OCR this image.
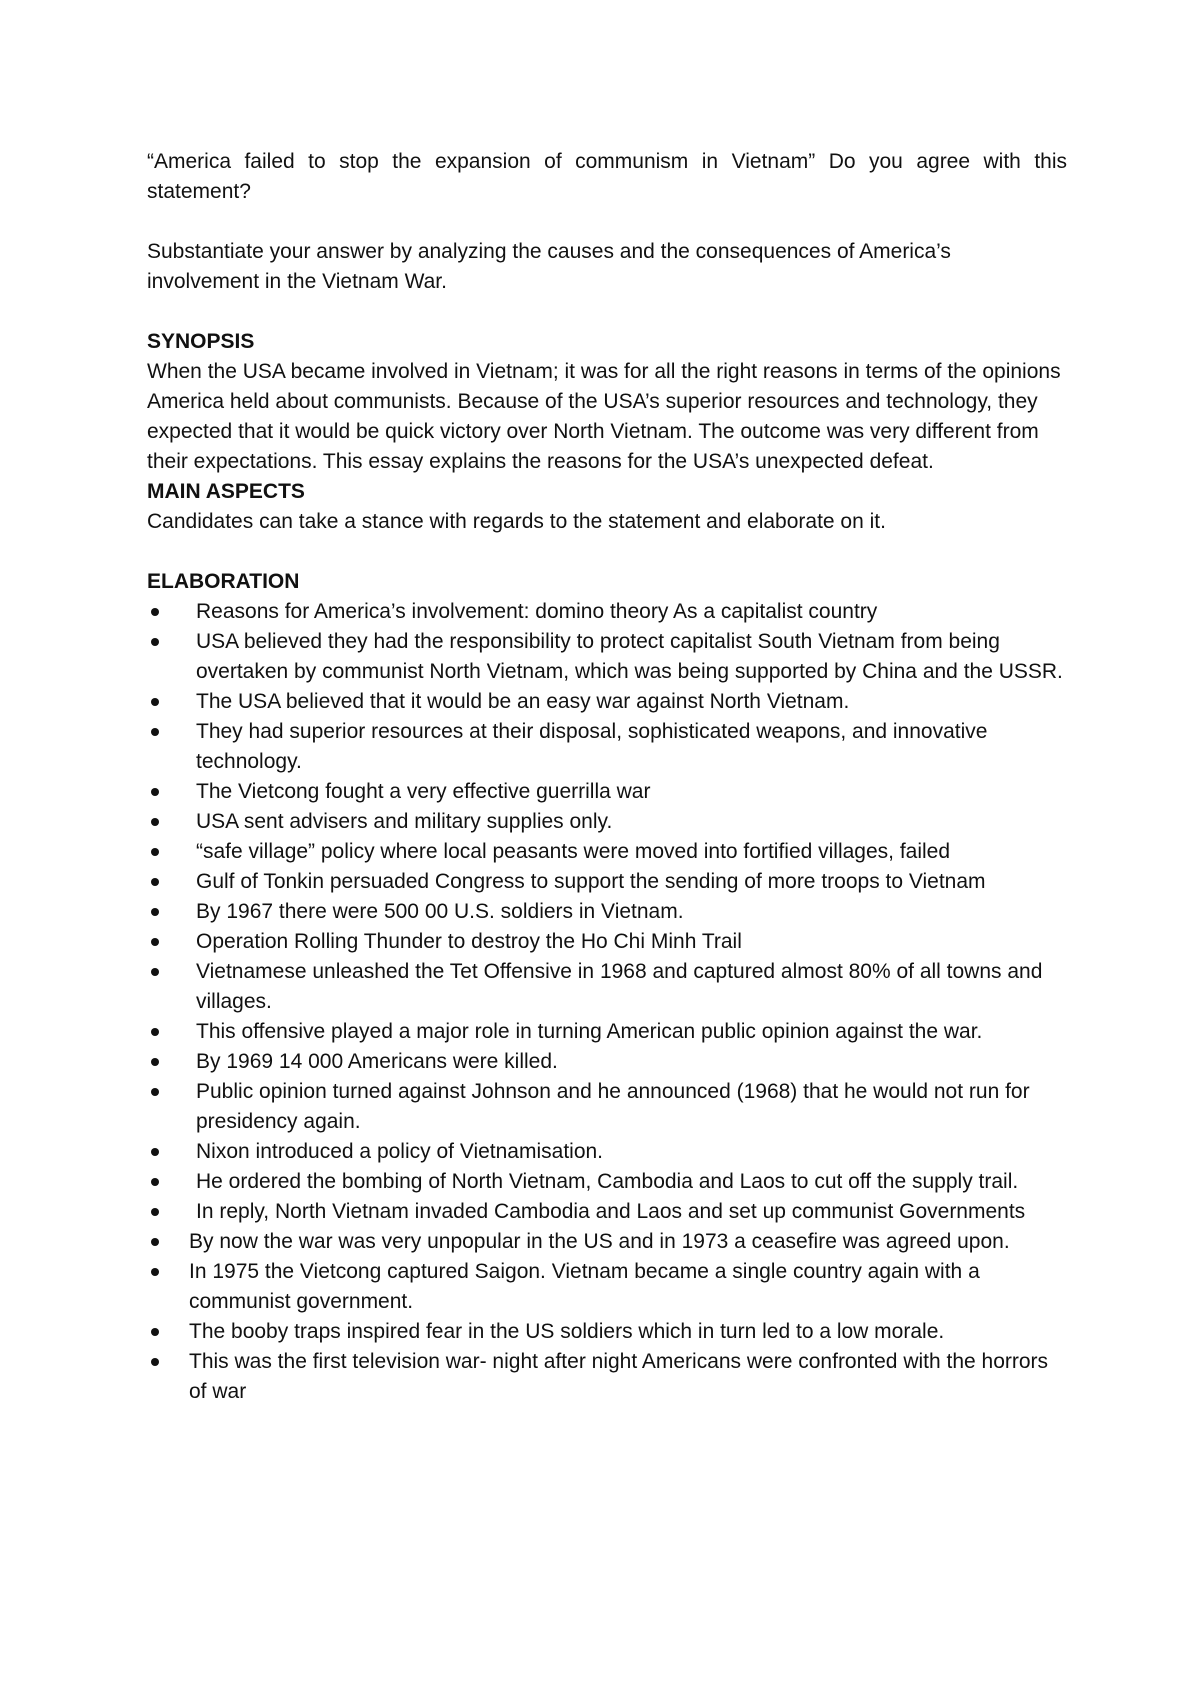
“America failed to stop the expansion of communism in Vietnam” Do you agree with this statement?

Substantiate your answer by analyzing the causes and the consequences of America’s involvement in the Vietnam War.

SYNOPSIS

When the USA became involved in Vietnam; it was for all the right reasons in terms of the opinions America held about communists. Because of the USA’s superior resources and technology, they expected that it would be quick victory over North Vietnam. The outcome was very different from their expectations. This essay explains the reasons for the USA’s unexpected defeat.

MAIN ASPECTS

Candidates can take a stance with regards to the statement and elaborate on it.

ELABORATION
Reasons for America’s involvement: domino theory As a capitalist country
USA believed they had the responsibility to protect capitalist South Vietnam from being overtaken by communist North Vietnam, which was being supported by China and the USSR.
The USA believed that it would be an easy war against North Vietnam.
They had superior resources at their disposal, sophisticated weapons, and innovative technology.
The Vietcong fought a very effective guerrilla war
USA sent advisers and military supplies only.
“safe village” policy where local peasants were moved into fortified villages, failed
Gulf of Tonkin persuaded Congress to support the sending of more troops to Vietnam
By 1967 there were 500 00 U.S. soldiers in Vietnam.
Operation Rolling Thunder to destroy the Ho Chi Minh Trail
Vietnamese unleashed the Tet Offensive in 1968 and captured almost 80% of all towns and villages.
This offensive played a major role in turning American public opinion against the war.
By 1969 14 000 Americans were killed.
Public opinion turned against Johnson and he announced (1968) that he would not run for presidency again.
Nixon introduced a policy of Vietnamisation.
He ordered the bombing of North Vietnam, Cambodia and Laos to cut off the supply trail.
In reply, North Vietnam invaded Cambodia and Laos and set up communist Governments
By now the war was very unpopular in the US and in 1973 a ceasefire was agreed upon.
In 1975 the Vietcong captured Saigon. Vietnam became a single country again with a communist government.
The booby traps inspired fear in the US soldiers which in turn led to a low morale.
This was the first television war- night after night Americans were confronted with the horrors of war
